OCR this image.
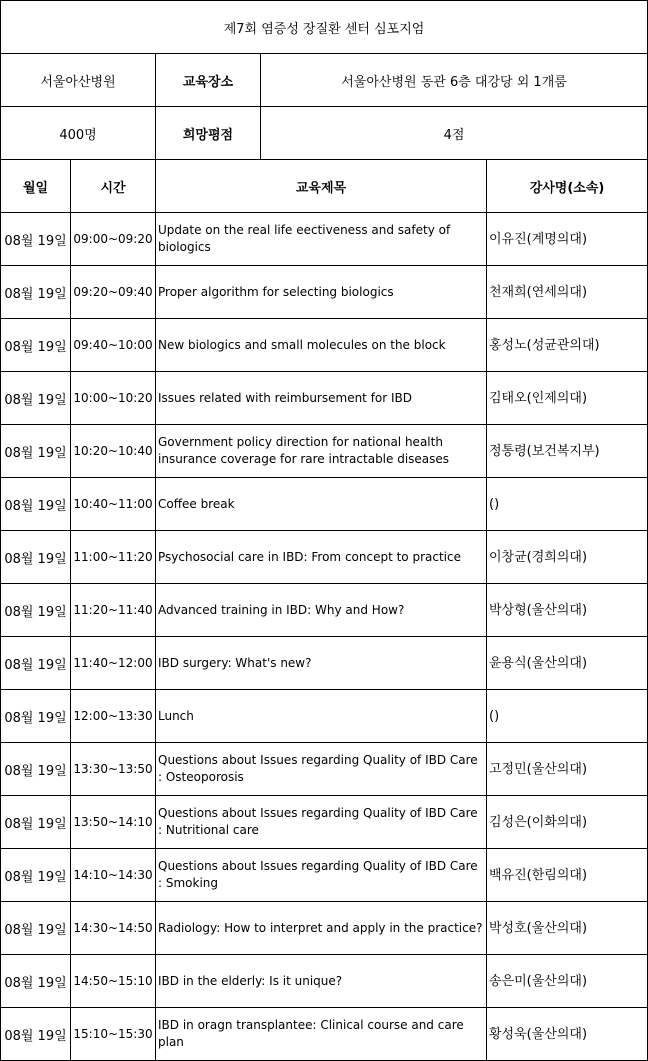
제7회 염증성 장질환 센터 심포지엄				
서울아산병원		교육장소	서울아산병원 동관 6층 대강당 외 1개룸	
400명		희망평점	4점	
월일	시간	교육제목		강사명(소속)
08월 19일	09:00~09:20	Update on the real life eectiveness and safety of biologics		이유진(계명의대)
08월 19일	09:20~09:40	Proper algorithm for selecting biologics		천재희(연세의대)
08월 19일	09:40~10:00	New biologics and small molecules on the block		홍성노(성균관의대)
08월 19일	10:00~10:20	Issues related with reimbursement for IBD		김태오(인제의대)
08월 19일	10:20~10:40	Government policy direction for national health insurance coverage for rare intractable diseases		정통령(보건복지부)
08월 19일	10:40~11:00	Coffee break		()
08월 19일	11:00~11:20	Psychosocial care in IBD: From concept to practice		이창균(경희의대)
08월 19일	11:20~11:40	Advanced training in IBD: Why and How?		박상형(울산의대)
08월 19일	11:40~12:00	IBD surgery: What's new?		윤용식(울산의대)
08월 19일	12:00~13:30	Lunch		()
08월 19일	13:30~13:50	Questions about Issues regarding Quality of IBD Care : Osteoporosis		고정민(울산의대)
08월 19일	13:50~14:10	Questions about Issues regarding Quality of IBD Care : Nutritional care		김성은(이화의대)
08월 19일	14:10~14:30	Questions about Issues regarding Quality of IBD Care : Smoking		백유진(한림의대)
08월 19일	14:30~14:50	Radiology: How to interpret and apply in the practice?		박성호(울산의대)
08월 19일	14:50~15:10	IBD in the elderly: Is it unique?		송은미(울산의대)
08월 19일	15:10~15:30	IBD in oragn transplantee: Clinical course and care plan		황성욱(울산의대)
